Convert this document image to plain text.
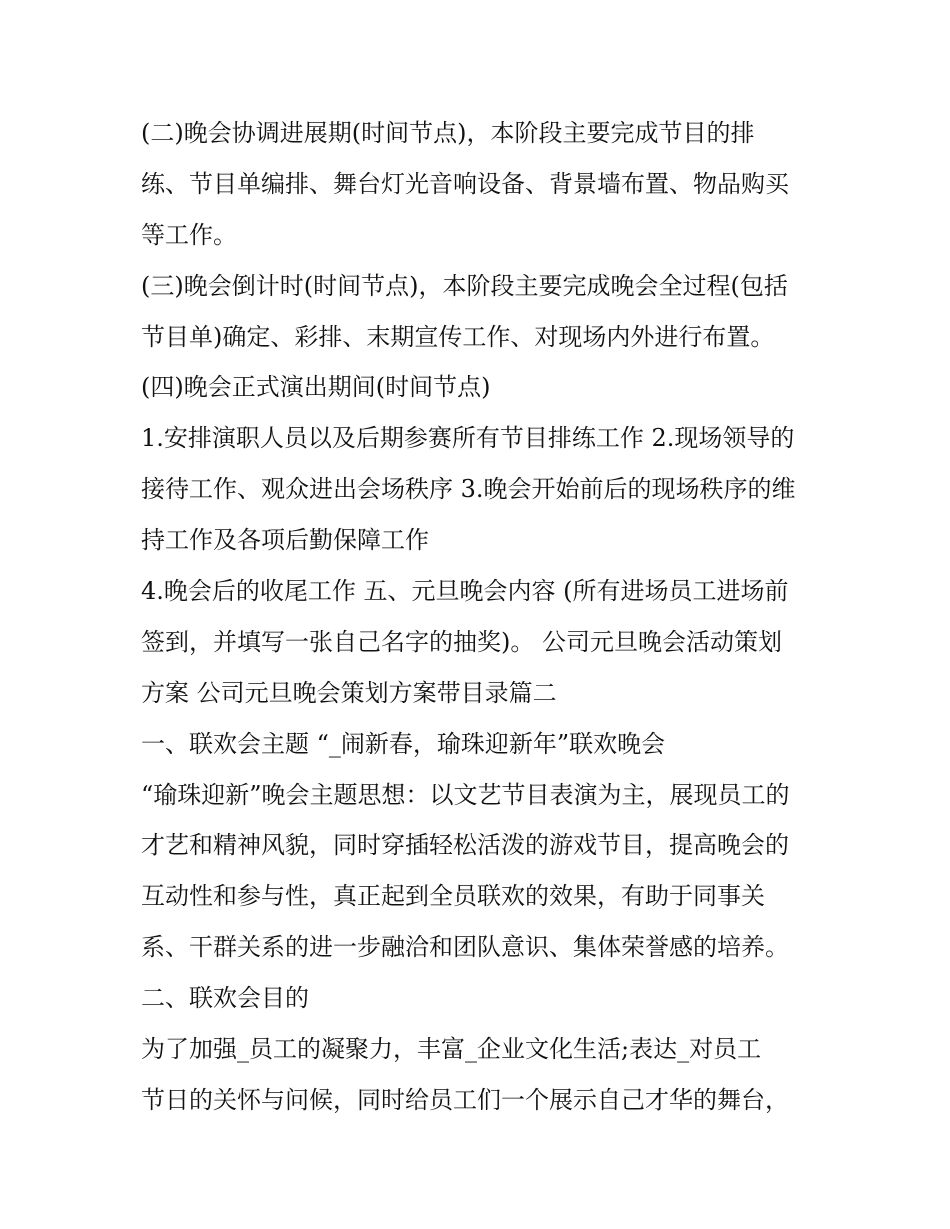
(二)晚会协调进展期(时间节点)，本阶段主要完成节目的排
练、节目单编排、舞台灯光音响设备、背景墙布置、物品购买
等工作。
(三)晚会倒计时(时间节点)，本阶段主要完成晚会全过程(包括
节目单)确定、彩排、末期宣传工作、对现场内外进行布置。
(四)晚会正式演出期间(时间节点)
1.安排演职人员以及后期参赛所有节目排练工作 2.现场领导的
接待工作、观众进出会场秩序 3.晚会开始前后的现场秩序的维
持工作及各项后勤保障工作
4.晚会后的收尾工作 五、元旦晚会内容 (所有进场员工进场前
签到，并填写一张自己名字的抽奖)。 公司元旦晚会活动策划
方案 公司元旦晚会策划方案带目录篇二
一、联欢会主题 “_闹新春，瑜珠迎新年”联欢晚会
“瑜珠迎新”晚会主题思想：以文艺节目表演为主，展现员工的
才艺和精神风貌，同时穿插轻松活泼的游戏节目，提高晚会的
互动性和参与性，真正起到全员联欢的效果，有助于同事关
系、干群关系的进一步融洽和团队意识、集体荣誉感的培养。
二、联欢会目的
为了加强_员工的凝聚力，丰富_企业文化生活;表达_对员工
节日的关怀与问候，同时给员工们一个展示自己才华的舞台，
